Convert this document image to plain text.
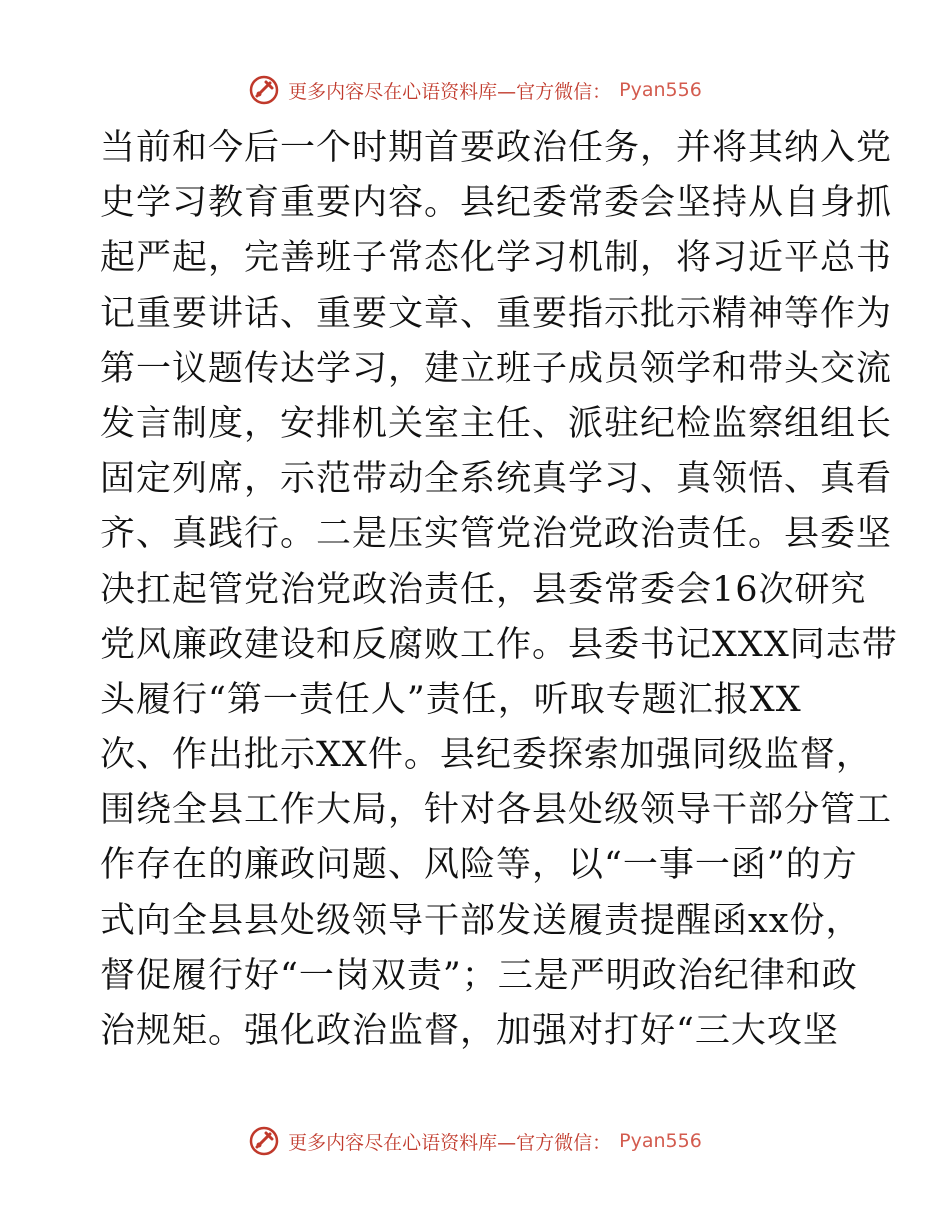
更多内容尽在心语资料库—官方微信： Pyan556
当前和今后一个时期首要政治任务，并将其纳入党
史学习教育重要内容。县纪委常委会坚持从自身抓
起严起，完善班子常态化学习机制，将习近平总书
记重要讲话、重要文章、重要指示批示精神等作为
第一议题传达学习，建立班子成员领学和带头交流
发言制度，安排机关室主任、派驻纪检监察组组长
固定列席，示范带动全系统真学习、真领悟、真看
齐、真践行。二是压实管党治党政治责任。县委坚
决扛起管党治党政治责任，县委常委会16次研究
党风廉政建设和反腐败工作。县委书记XXX同志带
头履行“第一责任人”责任，听取专题汇报XX
次、作出批示XX件。县纪委探索加强同级监督，
围绕全县工作大局，针对各县处级领导干部分管工
作存在的廉政问题、风险等，以“一事一函”的方
式向全县县处级领导干部发送履责提醒函xx份，
督促履行好“一岗双责”；三是严明政治纪律和政
治规矩。强化政治监督，加强对打好“三大攻坚
更多内容尽在心语资料库—官方微信： Pyan556
